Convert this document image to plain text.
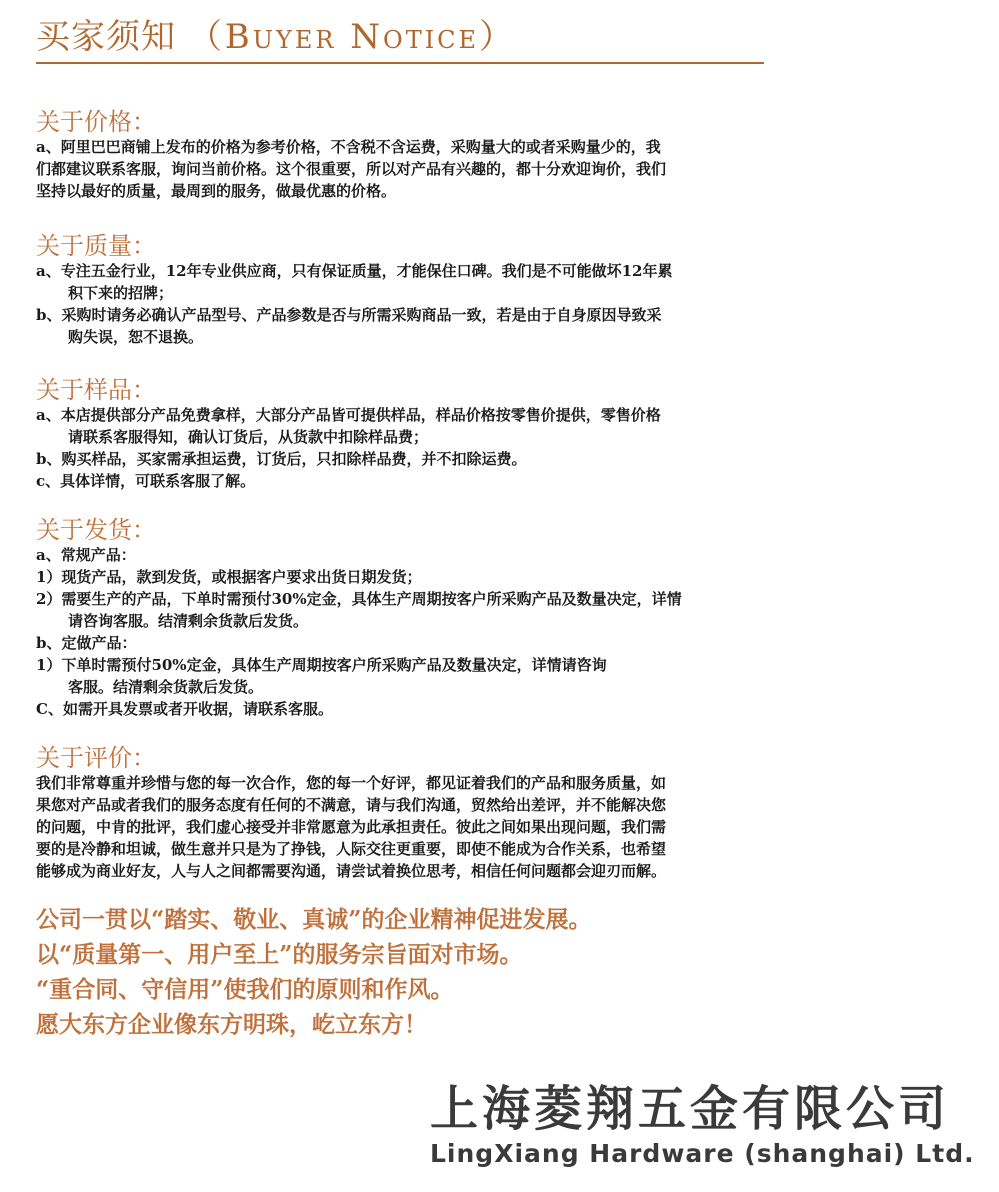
买家须知 （Buyer Notice）
关于价格：
a、阿里巴巴商铺上发布的价格为参考价格，不含税不含运费，采购量大的或者采购量少的，我
们都建议联系客服，询问当前价格。这个很重要，所以对产品有兴趣的，都十分欢迎询价，我们
坚持以最好的质量，最周到的服务，做最优惠的价格。
关于质量：
a、专注五金行业，12年专业供应商，只有保证质量，才能保住口碑。我们是不可能做坏12年累
积下来的招牌；
b、采购时请务必确认产品型号、产品参数是否与所需采购商品一致，若是由于自身原因导致采
购失误，恕不退换。
关于样品：
a、本店提供部分产品免费拿样，大部分产品皆可提供样品，样品价格按零售价提供，零售价格
请联系客服得知，确认订货后，从货款中扣除样品费；
b、购买样品，买家需承担运费，订货后，只扣除样品费，并不扣除运费。
c、具体详情，可联系客服了解。
关于发货：
a、常规产品：
1）现货产品，款到发货，或根据客户要求出货日期发货；
2）需要生产的产品，下单时需预付30%定金，具体生产周期按客户所采购产品及数量决定，详情
请咨询客服。结清剩余货款后发货。
b、定做产品：
1）下单时需预付50%定金，具体生产周期按客户所采购产品及数量决定，详情请咨询
客服。结清剩余货款后发货。
C、如需开具发票或者开收据，请联系客服。
关于评价：
我们非常尊重并珍惜与您的每一次合作，您的每一个好评，都见证着我们的产品和服务质量，如
果您对产品或者我们的服务态度有任何的不满意，请与我们沟通，贸然给出差评，并不能解决您
的问题，中肯的批评，我们虚心接受并非常愿意为此承担责任。彼此之间如果出现问题，我们需
要的是冷静和坦诚，做生意并只是为了挣钱，人际交往更重要，即使不能成为合作关系，也希望
能够成为商业好友，人与人之间都需要沟通，请尝试着换位思考，相信任何问题都会迎刃而解。
公司一贯以“踏实、敬业、真诚”的企业精神促进发展。
以“质量第一、用户至上”的服务宗旨面对市场。
“重合同、守信用”使我们的原则和作风。
愿大东方企业像东方明珠，屹立东方！
上海菱翔五金有限公司
LingXiang Hardware (shanghai) Ltd.
